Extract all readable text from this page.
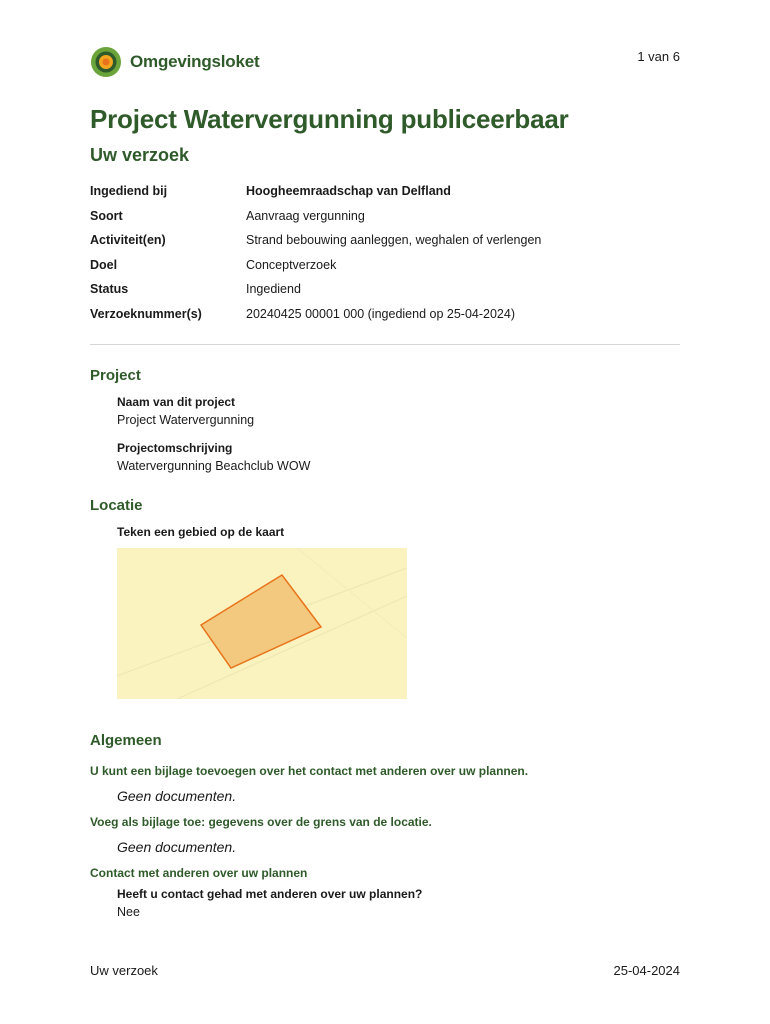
Omgevingsloket	1 van 6
Project Watervergunning publiceerbaar
Uw verzoek
Ingediend bij	Hoogheemraadschap van Delfland
Soort	Aanvraag vergunning
Activiteit(en)	Strand bebouwing aanleggen, weghalen of verlengen
Doel	Conceptverzoek
Status	Ingediend
Verzoeknummer(s)	20240425 00001 000 (ingediend op 25-04-2024)
Project
Naam van dit project
Project Watervergunning
Projectomschrijving
Watervergunning Beachclub WOW
Locatie
Teken een gebied op de kaart
Algemeen
U kunt een bijlage toevoegen over het contact met anderen over uw plannen.
Geen documenten.
Voeg als bijlage toe: gegevens over de grens van de locatie.
Geen documenten.
Contact met anderen over uw plannen
Heeft u contact gehad met anderen over uw plannen?
Nee
Uw verzoek	25-04-2024
